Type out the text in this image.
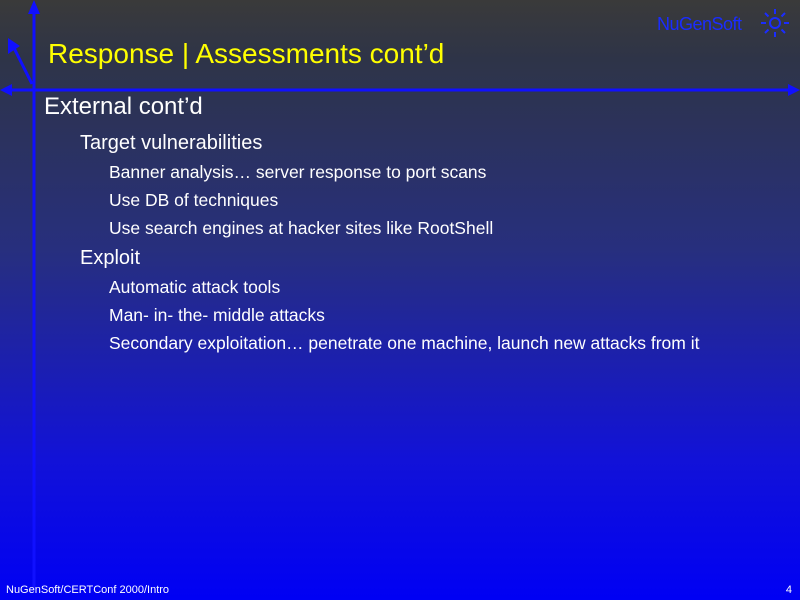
NuGenSoft
Response | Assessments cont’d
External cont’d
Target vulnerabilities
Banner analysis… server response to port scans
Use DB of techniques
Use search engines at hacker sites like RootShell
Exploit
Automatic attack tools
Man- in- the- middle attacks
Secondary exploitation… penetrate one machine, launch new attacks from it
NuGenSoft/CERTConf 2000/Intro	4
